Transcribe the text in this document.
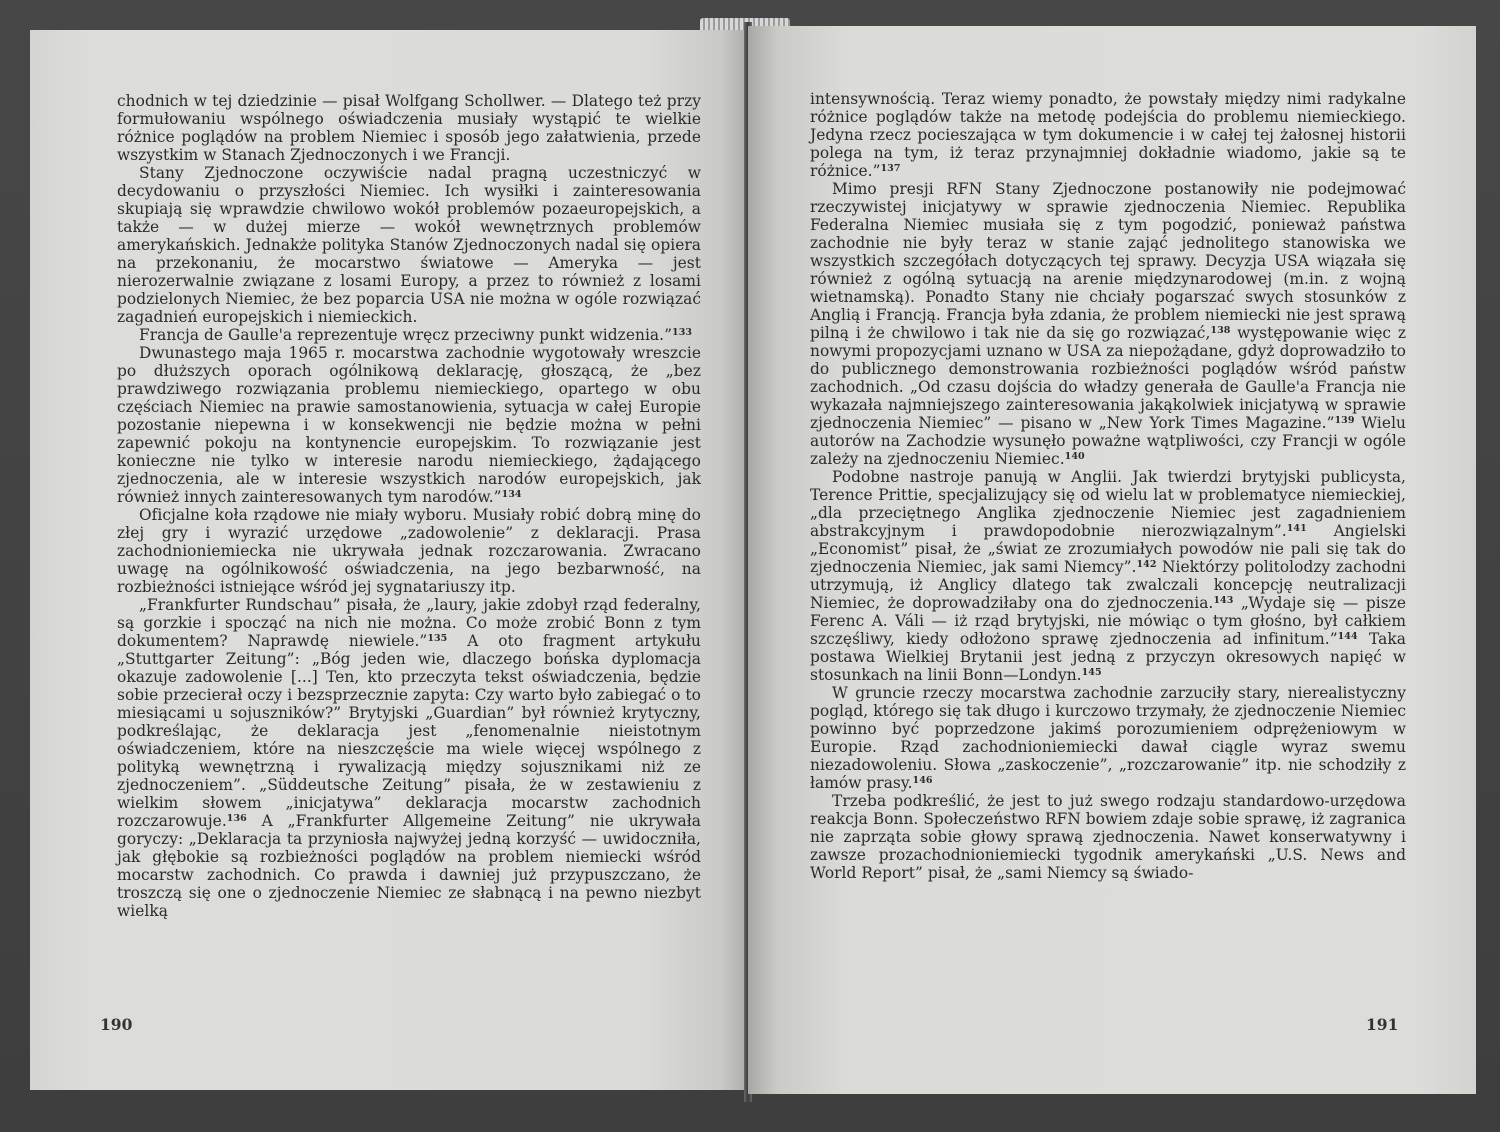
chodnich w tej dziedzinie — pisał Wolfgang Schollwer. — Dlatego też przy formułowaniu wspólnego oświadczenia musiały wystąpić te wielkie różnice poglądów na problem Niemiec i sposób jego załatwienia, przede wszystkim w Stanach Zjednoczonych i we Francji.

Stany Zjednoczone oczywiście nadal pragną uczestniczyć w decydowaniu o przyszłości Niemiec. Ich wysiłki i zainteresowania skupiają się wprawdzie chwilowo wokół problemów pozaeuropejskich, a także — w dużej mierze — wokół wewnętrznych problemów amerykańskich. Jednakże polityka Stanów Zjednoczonych nadal się opiera na przekonaniu, że mocarstwo światowe — Ameryka — jest nierozerwalnie związane z losami Europy, a przez to również z losami podzielonych Niemiec, że bez poparcia USA nie można w ogóle rozwiązać zagadnień europejskich i niemieckich.

Francja de Gaulle'a reprezentuje wręcz przeciwny punkt widzenia.”$^{133}$

Dwunastego maja 1965 r. mocarstwa zachodnie wygotowały wreszcie po dłuższych oporach ogólnikową deklarację, głoszącą, że „bez prawdziwego rozwiązania problemu niemieckiego, opartego w obu częściach Niemiec na prawie samostanowienia, sytuacja w całej Europie pozostanie niepewna i w konsekwencji nie będzie można w pełni zapewnić pokoju na kontynencie europejskim. To rozwiązanie jest konieczne nie tylko w interesie narodu niemieckiego, żądającego zjednoczenia, ale w interesie wszystkich narodów europejskich, jak również innych zainteresowanych tym narodów.”$^{134}$

Oficjalne koła rządowe nie miały wyboru. Musiały robić dobrą minę do złej gry i wyrazić urzędowe „zadowolenie” z deklaracji. Prasa zachodnioniemiecka nie ukrywała jednak rozczarowania. Zwracano uwagę na ogólnikowość oświadczenia, na jego bezbarwność, na rozbieżności istniejące wśród jej sygnatariuszy itp.

„Frankfurter Rundschau” pisała, że „laury, jakie zdobył rząd federalny, są gorzkie i spocząć na nich nie można. Co może zrobić Bonn z tym dokumentem? Naprawdę niewiele.”$^{135}$ A oto fragment artykułu „Stuttgarter Zeitung”: „Bóg jeden wie, dlaczego bońska dyplomacja okazuje zadowolenie [...] Ten, kto przeczyta tekst oświadczenia, będzie sobie przecierał oczy i bezsprzecznie zapyta: Czy warto było zabiegać o to miesiącami u sojuszników?” Brytyjski „Guardian” był również krytyczny, podkreślając, że deklaracja jest „fenomenalnie nieistotnym oświadczeniem, które na nieszczęście ma wiele więcej wspólnego z polityką wewnętrzną i rywalizacją między sojusznikami niż ze zjednoczeniem”. „Süddeutsche Zeitung” pisała, że w zestawieniu z wielkim słowem „inicjatywa” deklaracja mocarstw zachodnich rozczarowuje.$^{136}$ A „Frankfurter Allgemeine Zeitung” nie ukrywała goryczy: „Deklaracja ta przyniosła najwyżej jedną korzyść — uwidoczniła, jak głębokie są rozbieżności poglądów na problem niemiecki wśród mocarstw zachodnich. Co prawda i dawniej już przypuszczano, że troszczą się one o zjednoczenie Niemiec ze słabnącą i na pewno niezbyt wielką

190

intensywnością. Teraz wiemy ponadto, że powstały między nimi radykalne różnice poglądów także na metodę podejścia do problemu niemieckiego. Jedyna rzecz pocieszająca w tym dokumencie i w całej tej żałosnej historii polega na tym, iż teraz przynajmniej dokładnie wiadomo, jakie są te różnice.”$^{137}$

Mimo presji RFN Stany Zjednoczone postanowiły nie podejmować rzeczywistej inicjatywy w sprawie zjednoczenia Niemiec. Republika Federalna Niemiec musiała się z tym pogodzić, ponieważ państwa zachodnie nie były teraz w stanie zająć jednolitego stanowiska we wszystkich szczegółach dotyczących tej sprawy. Decyzja USA wiązała się również z ogólną sytuacją na arenie międzynarodowej (m.in. z wojną wietnamską). Ponadto Stany nie chciały pogarszać swych stosunków z Anglią i Francją. Francja była zdania, że problem niemiecki nie jest sprawą pilną i że chwilowo i tak nie da się go rozwiązać,$^{138}$ występowanie więc z nowymi propozycjami uznano w USA za niepożądane, gdyż doprowadziło to do publicznego demonstrowania rozbieżności poglądów wśród państw zachodnich. „Od czasu dojścia do władzy generała de Gaulle'a Francja nie wykazała najmniejszego zainteresowania jakąkolwiek inicjatywą w sprawie zjednoczenia Niemiec” — pisano w „New York Times Magazine.”$^{139}$ Wielu autorów na Zachodzie wysunęło poważne wątpliwości, czy Francji w ogóle zależy na zjednoczeniu Niemiec.$^{140}$

Podobne nastroje panują w Anglii. Jak twierdzi brytyjski publicysta, Terence Prittie, specjalizujący się od wielu lat w problematyce niemieckiej, „dla przeciętnego Anglika zjednoczenie Niemiec jest zagadnieniem abstrakcyjnym i prawdopodobnie nierozwiązalnym”.$^{141}$ Angielski „Economist” pisał, że „świat ze zrozumiałych powodów nie pali się tak do zjednoczenia Niemiec, jak sami Niemcy”.$^{142}$ Niektórzy politolodzy zachodni utrzymują, iż Anglicy dlatego tak zwalczali koncepcję neutralizacji Niemiec, że doprowadziłaby ona do zjednoczenia.$^{143}$ „Wydaje się — pisze Ferenc A. Váli — iż rząd brytyjski, nie mówiąc o tym głośno, był całkiem szczęśliwy, kiedy odłożono sprawę zjednoczenia ad infinitum.”$^{144}$ Taka postawa Wielkiej Brytanii jest jedną z przyczyn okresowych napięć w stosunkach na linii Bonn—Londyn.$^{145}$

W gruncie rzeczy mocarstwa zachodnie zarzuciły stary, nierealistyczny pogląd, którego się tak długo i kurczowo trzymały, że zjednoczenie Niemiec powinno być poprzedzone jakimś porozumieniem odprężeniowym w Europie. Rząd zachodnioniemiecki dawał ciągle wyraz swemu niezadowoleniu. Słowa „zaskoczenie”, „rozczarowanie” itp. nie schodziły z łamów prasy.$^{146}$

Trzeba podkreślić, że jest to już swego rodzaju standardowo-urzędowa reakcja Bonn. Społeczeństwo RFN bowiem zdaje sobie sprawę, iż zagranica nie zaprząta sobie głowy sprawą zjednoczenia. Nawet konserwatywny i zawsze prozachodnioniemiecki tygodnik amerykański „U.S. News and World Report” pisał, że „sami Niemcy są świado-

191
